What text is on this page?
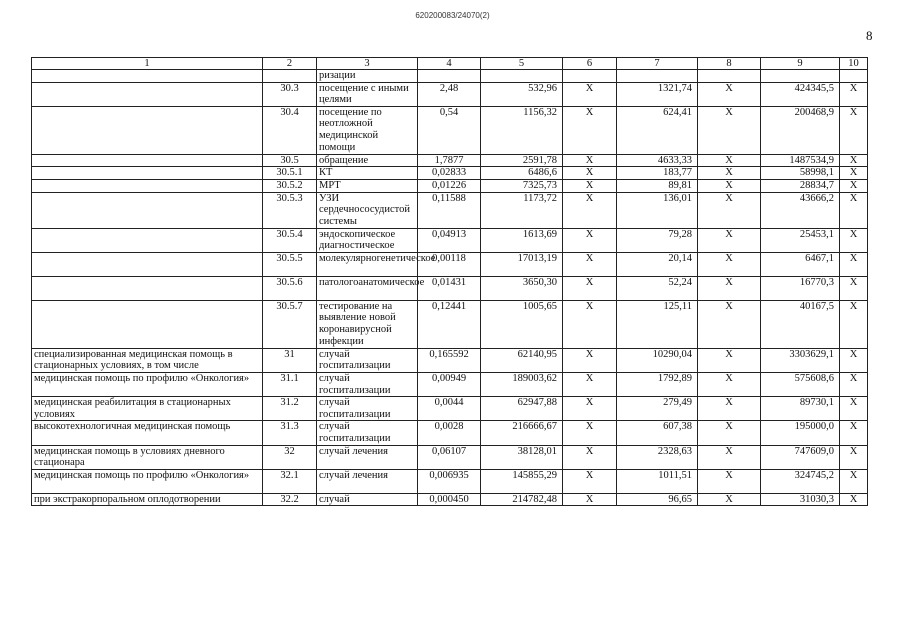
620200083/24070(2)
8
1	2	3	4	5	6	7	8	9	10
		ризации							
	30.3	посещение с иными целями	2,48	532,96	X	1321,74	X	424345,5	X
	30.4	посещение по неотложной медицинской помощи	0,54	1156,32	X	624,41	X	200468,9	X
	30.5	обращение	1,7877	2591,78	X	4633,33	X	1487534,9	X
	30.5.1	КТ	0,02833	6486,6	X	183,77	X	58998,1	X
	30.5.2	МРТ	0,01226	7325,73	X	89,81	X	28834,7	X
	30.5.3	УЗИ сердечнососудистой системы	0,11588	1173,72	X	136,01	X	43666,2	X
	30.5.4	эндоскопическое диагностическое	0,04913	1613,69	X	79,28	X	25453,1	X
	30.5.5	молекулярногенетическое	0,00118	17013,19	X	20,14	X	6467,1	X
	30.5.6	патологоанатомическое	0,01431	3650,30	X	52,24	X	16770,3	X
	30.5.7	тестирование на выявление новой коронавирусной инфекции	0,12441	1005,65	X	125,11	X	40167,5	X
специализированная медицинская помощь в стационарных условиях, в том числе	31	случай госпитализации	0,165592	62140,95	X	10290,04	X	3303629,1	X
медицинская помощь по профилю «Онкология»	31.1	случай госпитализации	0,00949	189003,62	X	1792,89	X	575608,6	X
медицинская реабилитация в стационарных условиях	31.2	случай госпитализации	0,0044	62947,88	X	279,49	X	89730,1	X
высокотехнологичная медицинская помощь	31.3	случай госпитализации	0,0028	216666,67	X	607,38	X	195000,0	X
медицинская помощь в условиях дневного стационара	32	случай лечения	0,06107	38128,01	X	2328,63	X	747609,0	X
медицинская помощь по профилю «Онкология»	32.1	случай лечения	0,006935	145855,29	X	1011,51	X	324745,2	X
при экстракорпоральном оплодотворении	32.2	случай	0,000450	214782,48	X	96,65	X	31030,3	X
